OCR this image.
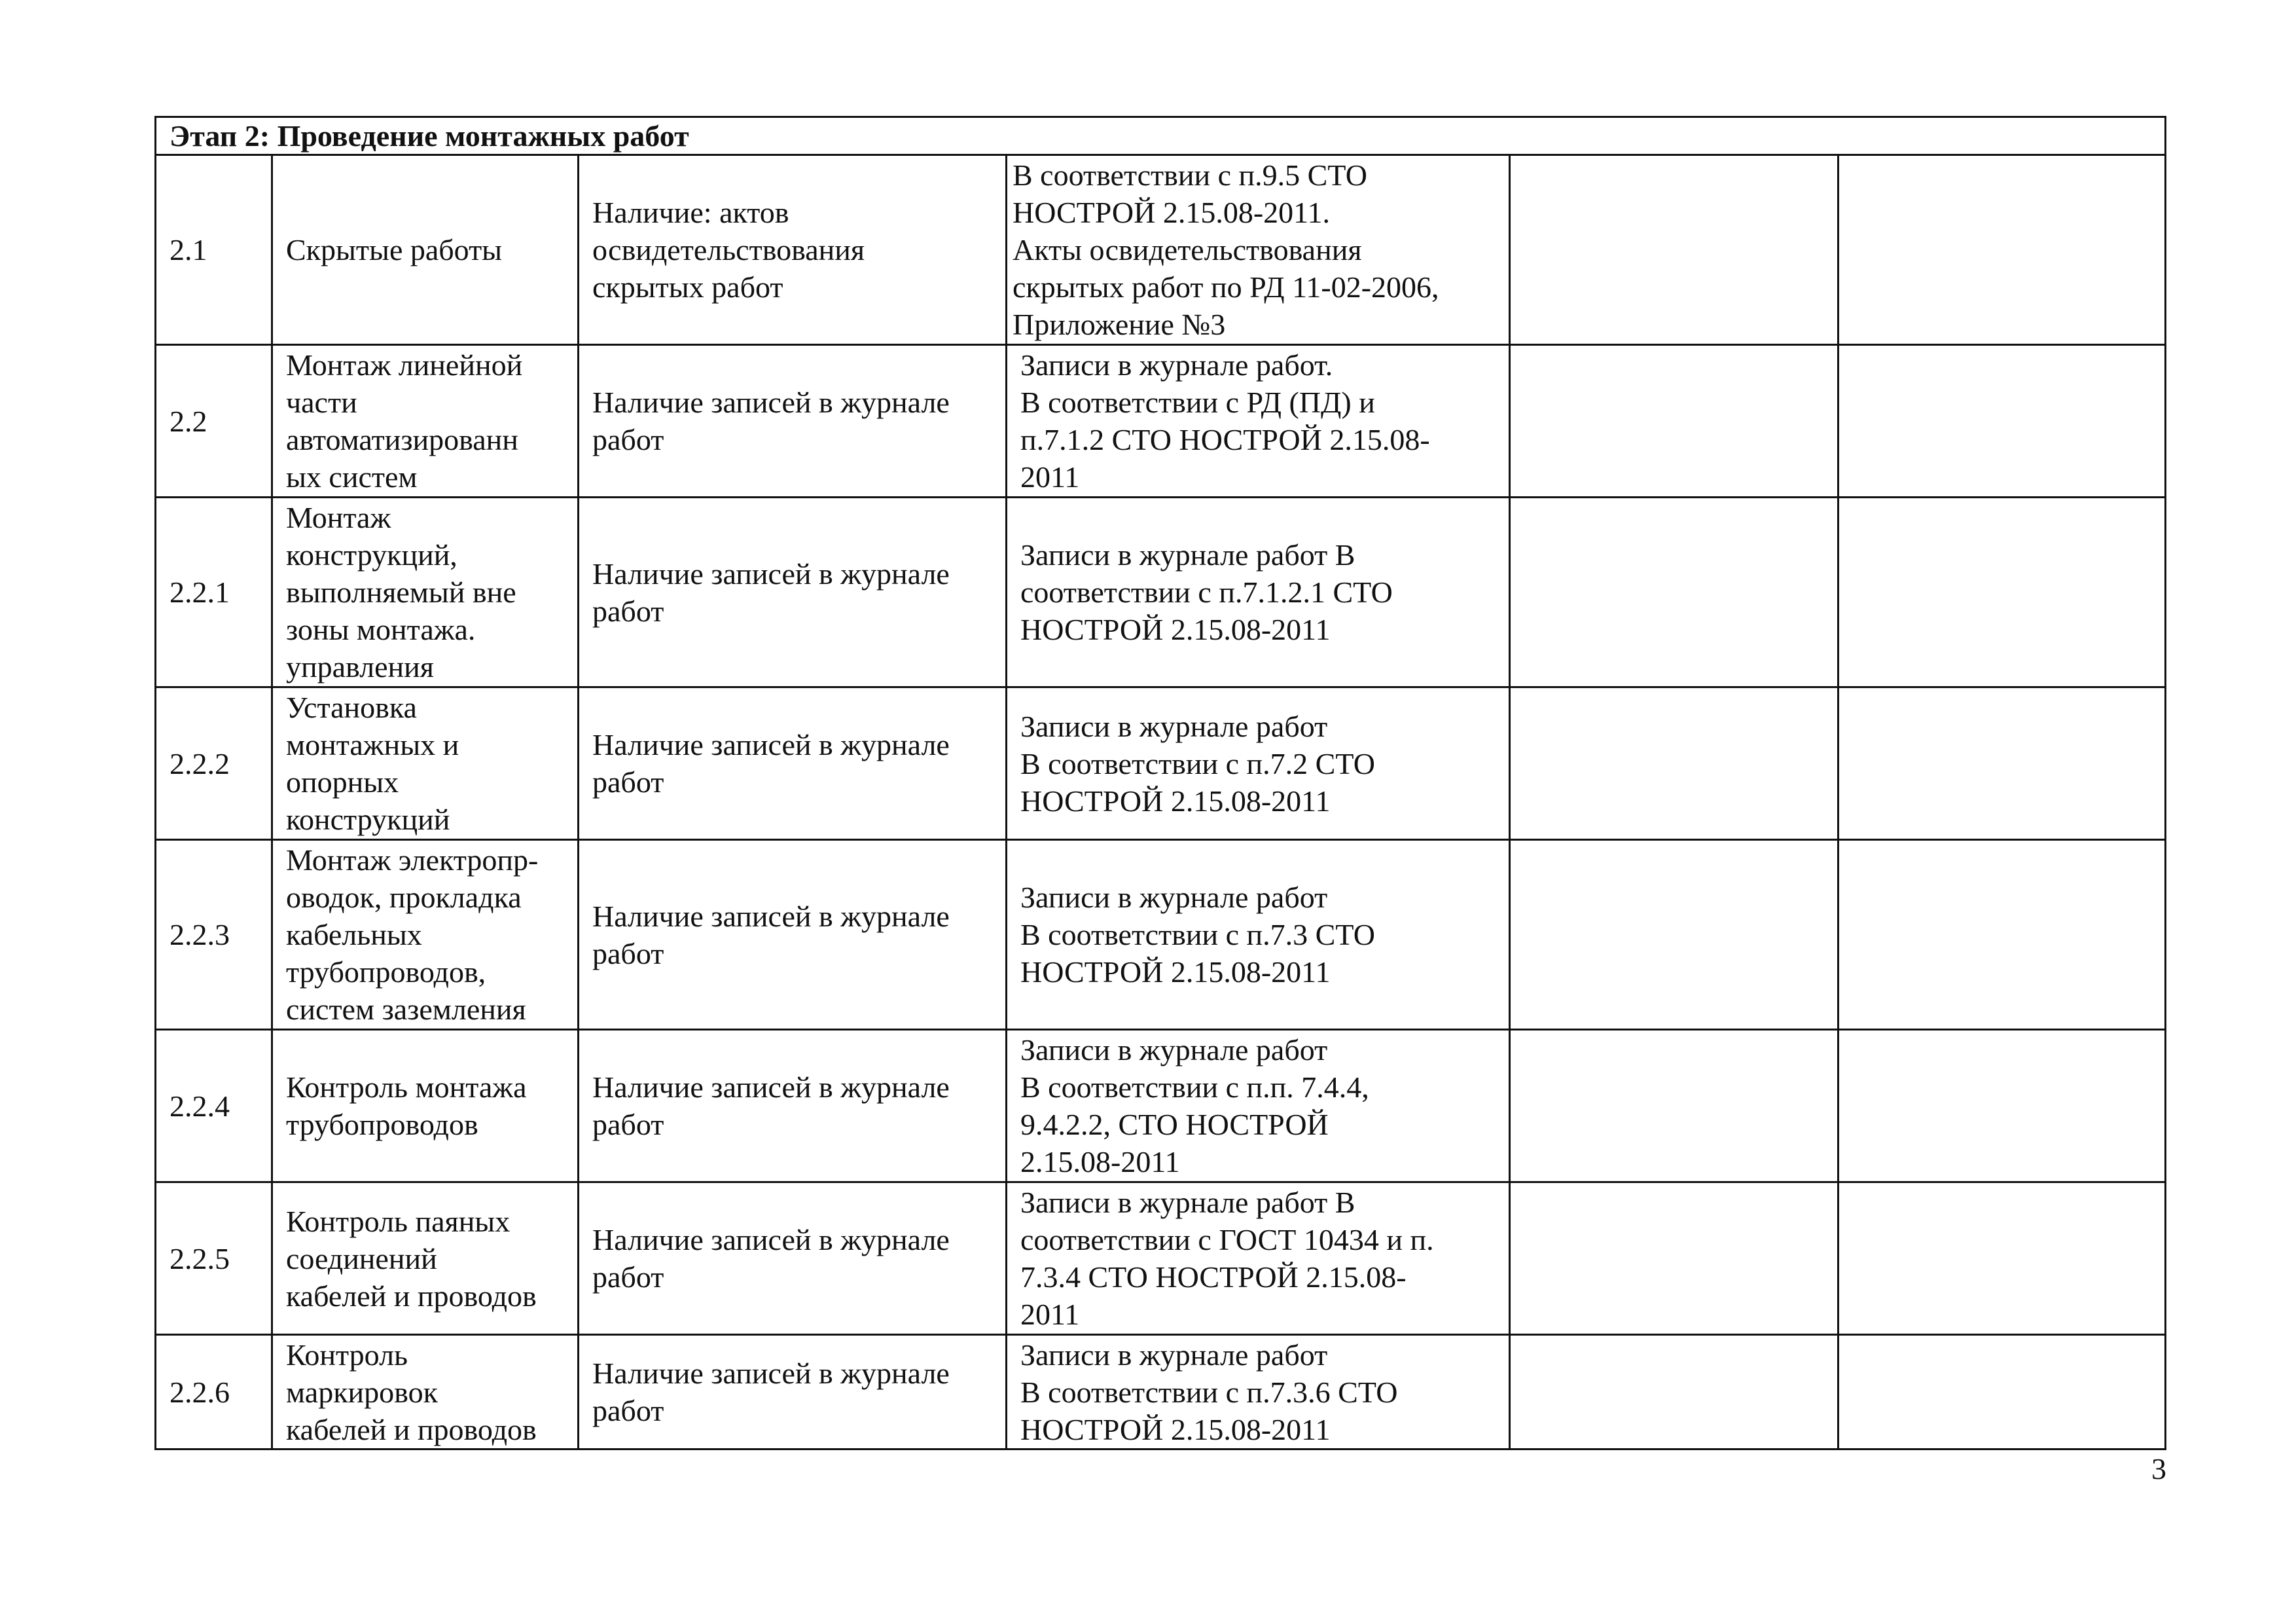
Этап 2: Проведение монтажных работ					
2.1	Скрытые работы	Наличие: актов
освидетельствования
скрытых работ	В соответствии с п.9.5 СТО
НОСТРОЙ 2.15.08-2011.
Акты освидетельствования
скрытых работ по РД 11-02-2006,
Приложение №3		
2.2	Монтаж линейной
части
автоматизированн
ых систем	Наличие записей в журнале
работ	Записи в журнале работ.
В соответствии с РД (ПД) и
п.7.1.2 СТО НОСТРОЙ 2.15.08-
2011		
2.2.1	Монтаж
конструкций,
выполняемый вне
зоны монтажа.
управления	Наличие записей в журнале
работ	Записи в журнале работ В
соответствии с п.7.1.2.1 СТО
НОСТРОЙ 2.15.08-2011		
2.2.2	Установка
монтажных и
опорных
конструкций	Наличие записей в журнале
работ	Записи в журнале работ
В соответствии с п.7.2 СТО
НОСТРОЙ 2.15.08-2011		
2.2.3	Монтаж электропр-
оводок, прокладка
кабельных
трубопроводов,
систем заземления	Наличие записей в журнале
работ	Записи в журнале работ
В соответствии с п.7.3 СТО
НОСТРОЙ 2.15.08-2011		
2.2.4	Контроль монтажа
трубопроводов	Наличие записей в журнале
работ	Записи в журнале работ
В соответствии с п.п. 7.4.4,
9.4.2.2, СТО НОСТРОЙ
2.15.08-2011		
2.2.5	Контроль паяных
соединений
кабелей и проводов	Наличие записей в журнале
работ	Записи в журнале работ В
соответствии с ГОСТ 10434 и п.
7.3.4 СТО НОСТРОЙ 2.15.08-
2011		
2.2.6	Контроль
маркировок
кабелей и проводов	Наличие записей в журнале
работ	Записи в журнале работ
В соответствии с п.7.3.6 СТО
НОСТРОЙ 2.15.08-2011		
3
